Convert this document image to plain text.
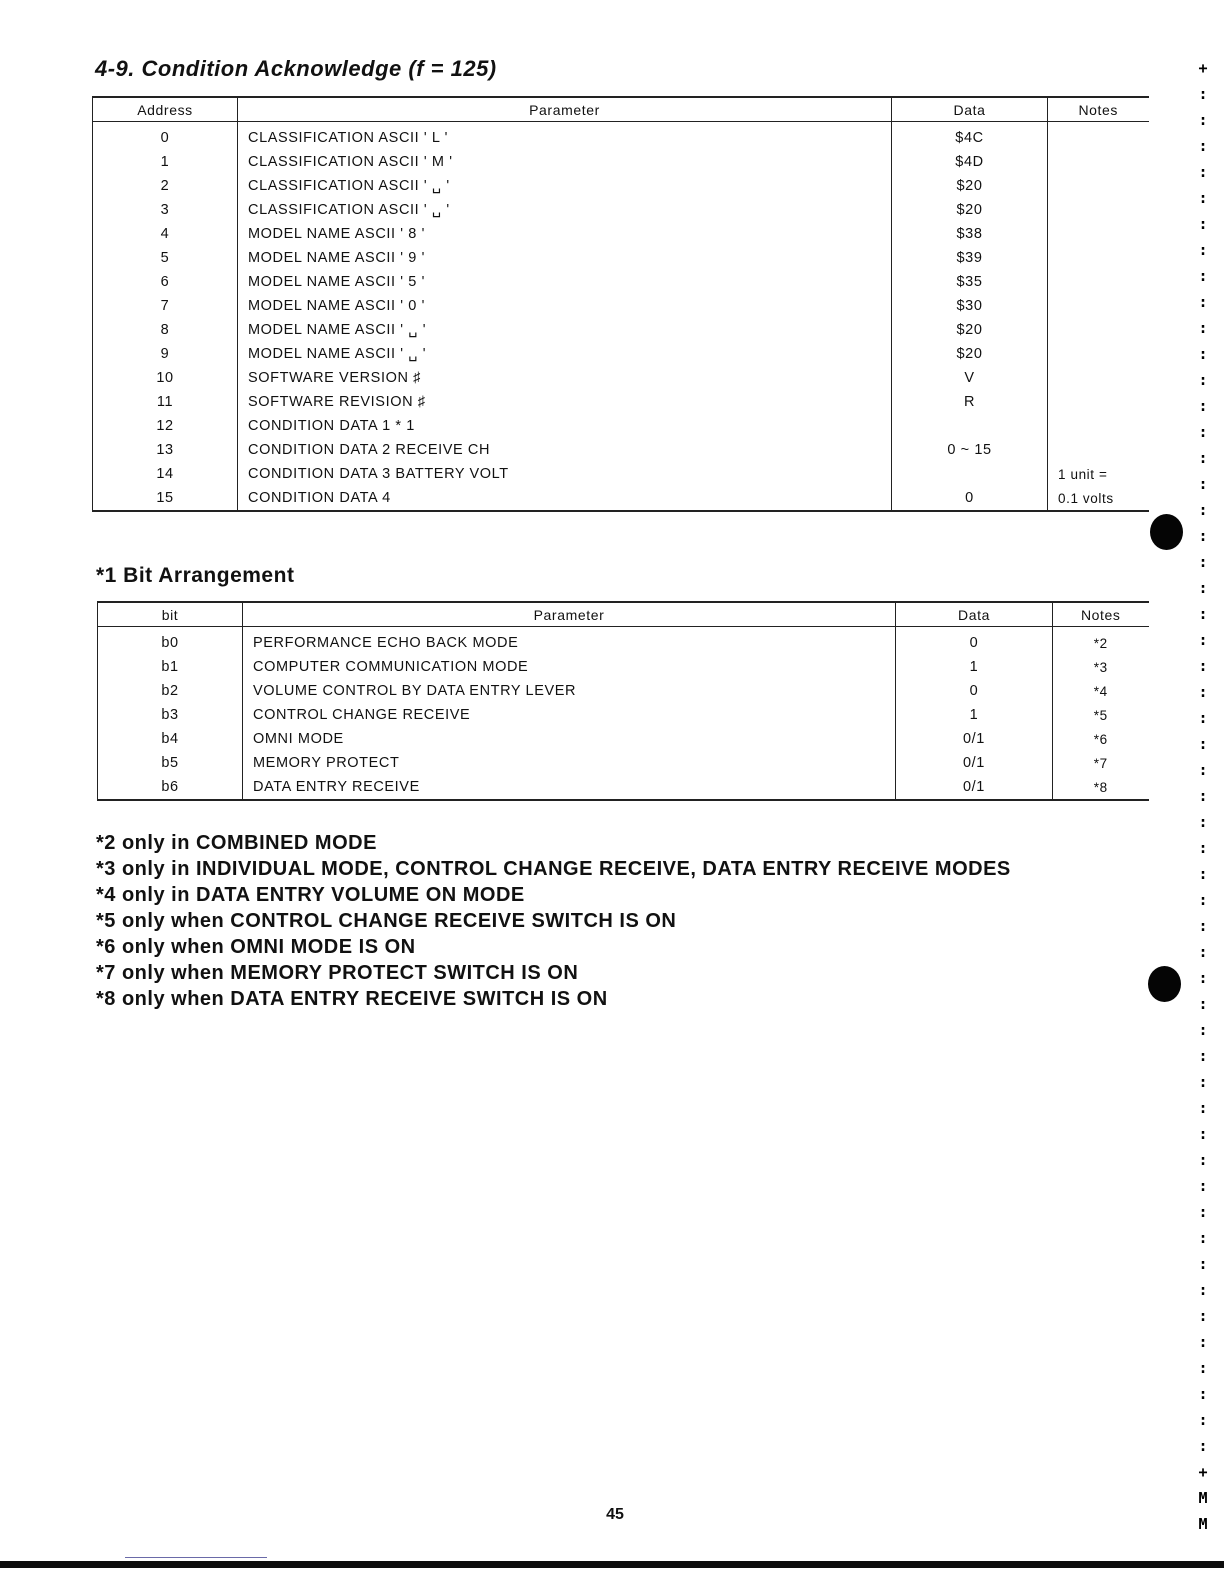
4-9. Condition Acknowledge (f = 125)
Address	Parameter	Data	Notes
0	CLASSIFICATION ASCII ' L '	$4C	
1	CLASSIFICATION ASCII ' M '	$4D	
2	CLASSIFICATION ASCII ' ␣ '	$20	
3	CLASSIFICATION ASCII ' ␣ '	$20	
4	MODEL NAME ASCII ' 8 '	$38	
5	MODEL NAME ASCII ' 9 '	$39	
6	MODEL NAME ASCII ' 5 '	$35	
7	MODEL NAME ASCII ' 0 '	$30	
8	MODEL NAME ASCII ' ␣ '	$20	
9	MODEL NAME ASCII ' ␣ '	$20	
10	SOFTWARE VERSION ♯	V	
11	SOFTWARE REVISION ♯	R	
12	CONDITION DATA 1 * 1		
13	CONDITION DATA 2 RECEIVE CH	0 ~ 15	
14	CONDITION DATA 3 BATTERY VOLT		1 unit =
15	CONDITION DATA 4	0	0.1 volts
*1 Bit Arrangement
bit	Parameter	Data	Notes
b0	PERFORMANCE ECHO BACK MODE	0	*2
b1	COMPUTER COMMUNICATION MODE	1	*3
b2	VOLUME CONTROL BY DATA ENTRY LEVER	0	*4
b3	CONTROL CHANGE RECEIVE	1	*5
b4	OMNI MODE	0/1	*6
b5	MEMORY PROTECT	0/1	*7
b6	DATA ENTRY RECEIVE	0/1	*8
*2 only in COMBINED MODE
*3 only in INDIVIDUAL MODE, CONTROL CHANGE RECEIVE, DATA ENTRY RECEIVE MODES
*4 only in DATA ENTRY VOLUME ON MODE
*5 only when CONTROL CHANGE RECEIVE SWITCH IS ON
*6 only when OMNI MODE IS ON
*7 only when MEMORY PROTECT SWITCH IS ON
*8 only when DATA ENTRY RECEIVE SWITCH IS ON
45
+
:
:
:
:
:
:
:
:
:
:
:
:
:
:
:
:
:
:
:
:
:
:
:
:
:
:
:
:
:
:
:
:
:
:
:
:
:
:
:
:
:
:
:
:
:
:
:
:
:
:
:
:
:
+
M
M
